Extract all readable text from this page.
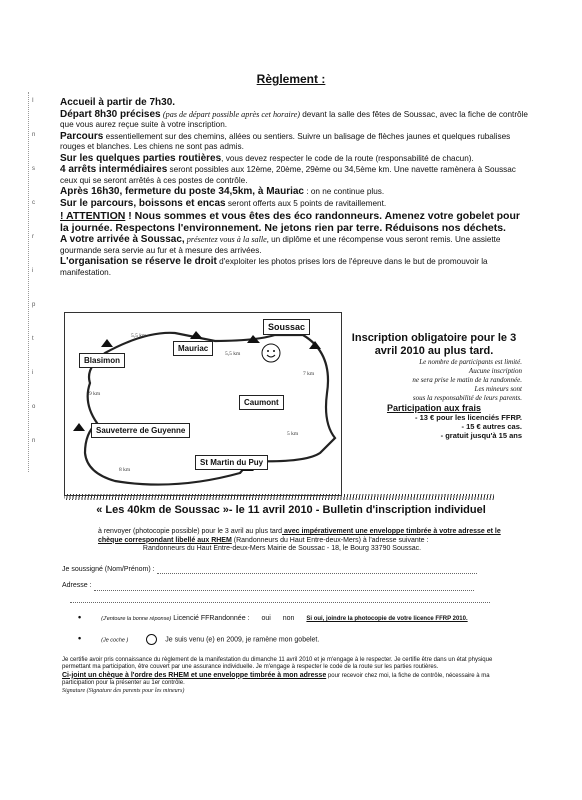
I
n
s
c
r
i
p
t
i
o
n
Règlement :

Accueil à partir de 7h30.

Départ 8h30 précises (pas de départ possible après cet horaire) devant la salle des fêtes de Soussac, avec la fiche de contrôle que vous aurez reçue suite à votre inscription.

Parcours essentiellement sur des chemins, allées ou sentiers. Suivre un balisage de flèches jaunes et quelques rubalises rouges et blanches. Les chiens ne sont pas admis.

Sur les quelques parties routières, vous devez respecter le code de la route (responsabilité de chacun).

4 arrêts intermédiaires seront possibles aux 12ème, 20ème, 29ème ou 34,5ème km. Une navette ramènera à Soussac ceux qui se seront arrêtés à ces postes de contrôle.

Après 16h30, fermeture du poste 34,5km, à Mauriac : on ne continue plus.

Sur le parcours, boissons et encas seront offerts aux 5 points de ravitaillement.

! ATTENTION ! Nous sommes et vous êtes des éco randonneurs. Amenez votre gobelet pour la journée. Respectons l'environnement. Ne jetons rien par terre. Réduisons nos déchets.

A votre arrivée à Soussac, présentez vous à la salle, un diplôme et une récompense vous seront remis. Une assiette gourmande sera servie au fur et à mesure des arrivées.

L'organisation se réserve le droit d'exploiter les photos prises lors de l'épreuve dans le but de promouvoir la manifestation.

Soussac
Mauriac
Blasimon
Caumont
Sauveterre de Guyenne
St Martin du Puy
5,5 km
5,5 km
7 km
9 km
5 km
8 km
Inscription obligatoire pour le 3 avril 2010 au plus tard.
Le nombre de participants est limité.
Aucune inscription
ne sera prise le matin de la randonnée.
Les mineurs sont
sous la responsabilité de leurs parents.
Participation aux frais
- 13 € pour les licenciés FFRP.
- 15 € autres cas.
- gratuit jusqu'à 15 ans
« Les 40km de Soussac »- le 11 avril 2010 - Bulletin d'inscription individuel

à renvoyer (photocopie possible) pour le 3 avril au plus tard avec impérativement une enveloppe timbrée à votre adresse et le chèque correspondant libellé aux RHEM (Randonneurs du Haut Entre-deux-Mers) à l'adresse suivante :

Randonneurs du Haut Entre-deux-Mers Mairie de Soussac - 18, le Bourg 33790 Soussac.

Je soussigné (Nom/Prénom) :

Adresse :

•	(J'entoure la bonne réponse) Licencié FFRandonnée : oui non Si oui, joindre la photocopie de votre licence FFRP 2010.

•	(Je coche )	Je suis venu (e) en 2009, je ramène mon gobelet.

Je certifie avoir pris connaissance du règlement de la manifestation du dimanche 11 avril 2010 et je m'engage à le respecter. Je certifie être dans un état physique permettant ma participation, être couvert par une assurance individuelle. Je m'engage à respecter le code de la route sur les parties routières.

Ci-joint un chèque à l'ordre des RHEM et une enveloppe timbrée à mon adresse pour recevoir chez moi, la fiche de contrôle, nécessaire à ma participation pour la présenter au 1er contrôle.

Signature (Signature des parents pour les mineurs)
